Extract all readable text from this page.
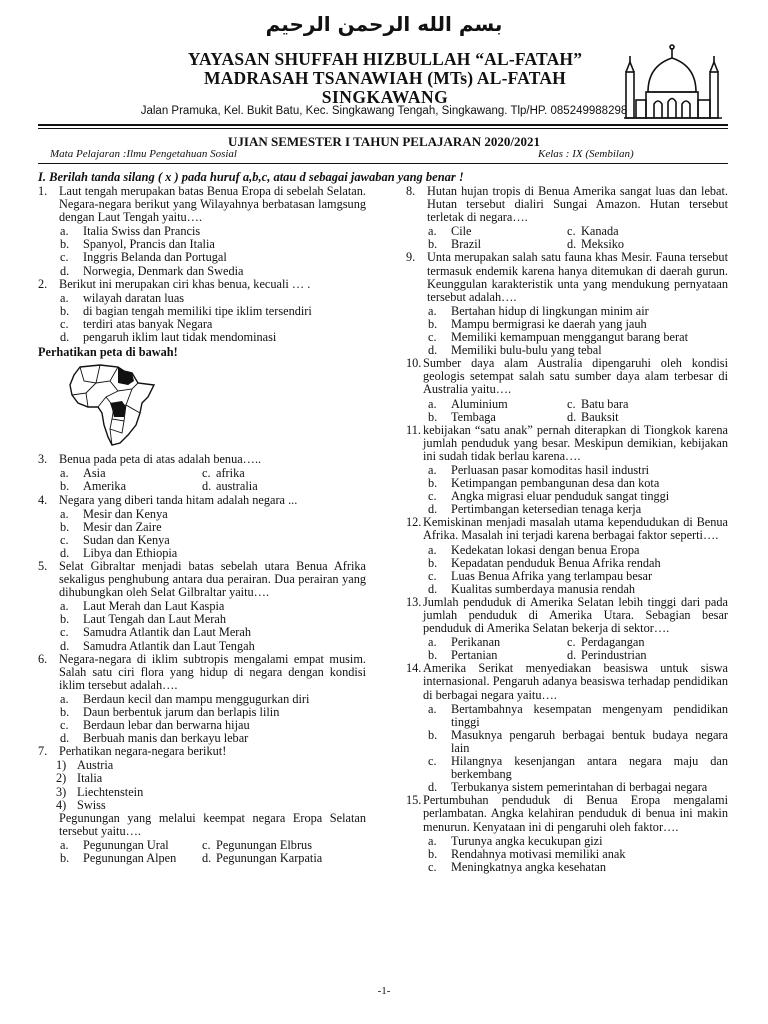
بسم الله الرحمن الرحيم
YAYASAN SHUFFAH HIZBULLAH “AL-FATAH”
MADRASAH TSANAWIAH (MTs) AL-FATAH
SINGKAWANG
Jalan Pramuka, Kel. Bukit Batu, Kec. Singkawang Tengah, Singkawang. Tlp/HP. 085249988298
UJIAN SEMESTER I TAHUN PELAJARAN 2020/2021
Mata Pelajaran :Ilmu Pengetahuan Sosial	Kelas : IX (Sembilan)
I. Berilah tanda silang ( x ) pada huruf a,b,c, atau d sebagai jawaban yang benar !
1. Laut tengah merupakan batas Benua Eropa di sebelah Selatan. Negara-negara berikut yang Wilayahnya berbatasan lamgsung dengan Laut Tengah yaitu….
a.	Italia Swiss dan Prancis
b.	Spanyol, Prancis dan Italia
c.	Inggris Belanda dan Portugal
d.	Norwegia, Denmark dan Swedia
2. Berikut ini merupakan ciri khas benua, kecuali … .
a.	wilayah daratan luas
b.	di bagian tengah memiliki tipe iklim tersendiri
c.	terdiri atas banyak Negara
d.	pengaruh iklim laut tidak mendominasi
Perhatikan peta di bawah!
3. Benua pada peta di atas adalah benua…..
a.	Asia	c. afrika
b.	Amerika	d. australia
4. Negara yang diberi tanda hitam adalah negara ...
a.	Mesir dan Kenya
b.	Mesir dan Zaire
c.	Sudan dan Kenya
d.	Libya dan Ethiopia
5. Selat Gibraltar menjadi batas sebelah utara Benua Afrika sekaligus penghubung antara dua perairan. Dua perairan yang dihubungkan oleh Selat Gilbraltar yaitu….
a.	Laut Merah dan Laut Kaspia
b.	Laut Tengah dan Laut Merah
c.	Samudra Atlantik dan Laut Merah
d.	Samudra Atlantik dan Laut Tengah
6. Negara-negara di iklim subtropis mengalami empat musim. Salah satu ciri flora yang hidup di negara dengan kondisi iklim tersebut adalah….
a.	Berdaun kecil dan mampu menggugurkan diri
b.	Daun berbentuk jarum dan berlapis lilin
c.	Berdaun lebar dan berwarna hijau
d.	Berbuah manis dan berkayu lebar
7. Perhatikan negara-negara berikut!
1) Austria
2) Italia
3) Liechtenstein
4) Swiss
Pegunungan yang melalui keempat negara Eropa Selatan tersebut yaitu….
a.	Pegunungan Ural	c. Pegunungan Elbrus
b.	Pegunungan Alpen d. Pegunungan Karpatia
8. Hutan hujan tropis di Benua Amerika sangat luas dan lebat. Hutan tersebut dialiri Sungai Amazon. Hutan tersebut terletak di negara….
a.	Cile	c. Kanada
b.	Brazil	d. Meksiko
9. Unta merupakan salah satu fauna khas Mesir. Fauna tersebut termasuk endemik karena hanya ditemukan di daerah gurun. Keunggulan karakteristik unta yang mendukung pernyataan tersebut adalah….
a.	Bertahan hidup di lingkungan minim air
b.	Mampu bermigrasi ke daerah yang jauh
c.	Memiliki kemampuan menggangut barang berat
d.	Memiliki bulu-bulu yang tebal
10. Sumber daya alam Australia dipengaruhi oleh kondisi geologis setempat salah satu sumber daya alam terbesar di Australia yaitu….
a.	Aluminium	c. Batu bara
b.	Tembaga	d. Bauksit
11. kebijakan “satu anak” pernah diterapkan di Tiongkok karena jumlah penduduk yang besar. Meskipun demikian, kebijakan ini sudah tidak berlau karena….
a.	Perluasan pasar komoditas hasil industri
b.	Ketimpangan pembangunan desa dan kota
c.	Angka migrasi eluar penduduk sangat tinggi
d.	Pertimbangan ketersedian tenaga kerja
12. Kemiskinan menjadi masalah utama kependudukan di Benua Afrika. Masalah ini terjadi karena berbagai faktor seperti….
a.	Kedekatan lokasi dengan benua Eropa
b.	Kepadatan penduduk Benua Afrika rendah
c.	Luas Benua Afrika yang terlampau besar
d.	Kualitas sumberdaya manusia rendah
13. Jumlah penduduk di Amerika Selatan lebih tinggi dari pada jumlah penduduk di Amerika Utara. Sebagian besar penduduk di Amerika Selatan bekerja di sektor….
a.	Perikanan	c. Perdagangan
b.	Pertanian	d. Perindustrian
14. Amerika Serikat menyediakan beasiswa untuk siswa internasional. Pengaruh adanya beasiswa terhadap pendidikan di berbagai negara yaitu….
a.	Bertambahnya kesempatan mengenyam pendidikan tinggi
b.	Masuknya pengaruh berbagai bentuk budaya negara lain
c.	Hilangnya kesenjangan antara negara maju dan berkembang
d.	Terbukanya sistem pemerintahan di berbagai negara
15. Pertumbuhan penduduk di Benua Eropa mengalami perlambatan. Angka kelahiran penduduk di benua ini makin menurun. Kenyataan ini di pengaruhi oleh faktor….
a.	Turunya angka kecukupan gizi
b.	Rendahnya motivasi memiliki anak
c.	Meningkatnya angka kesehatan
-1-
